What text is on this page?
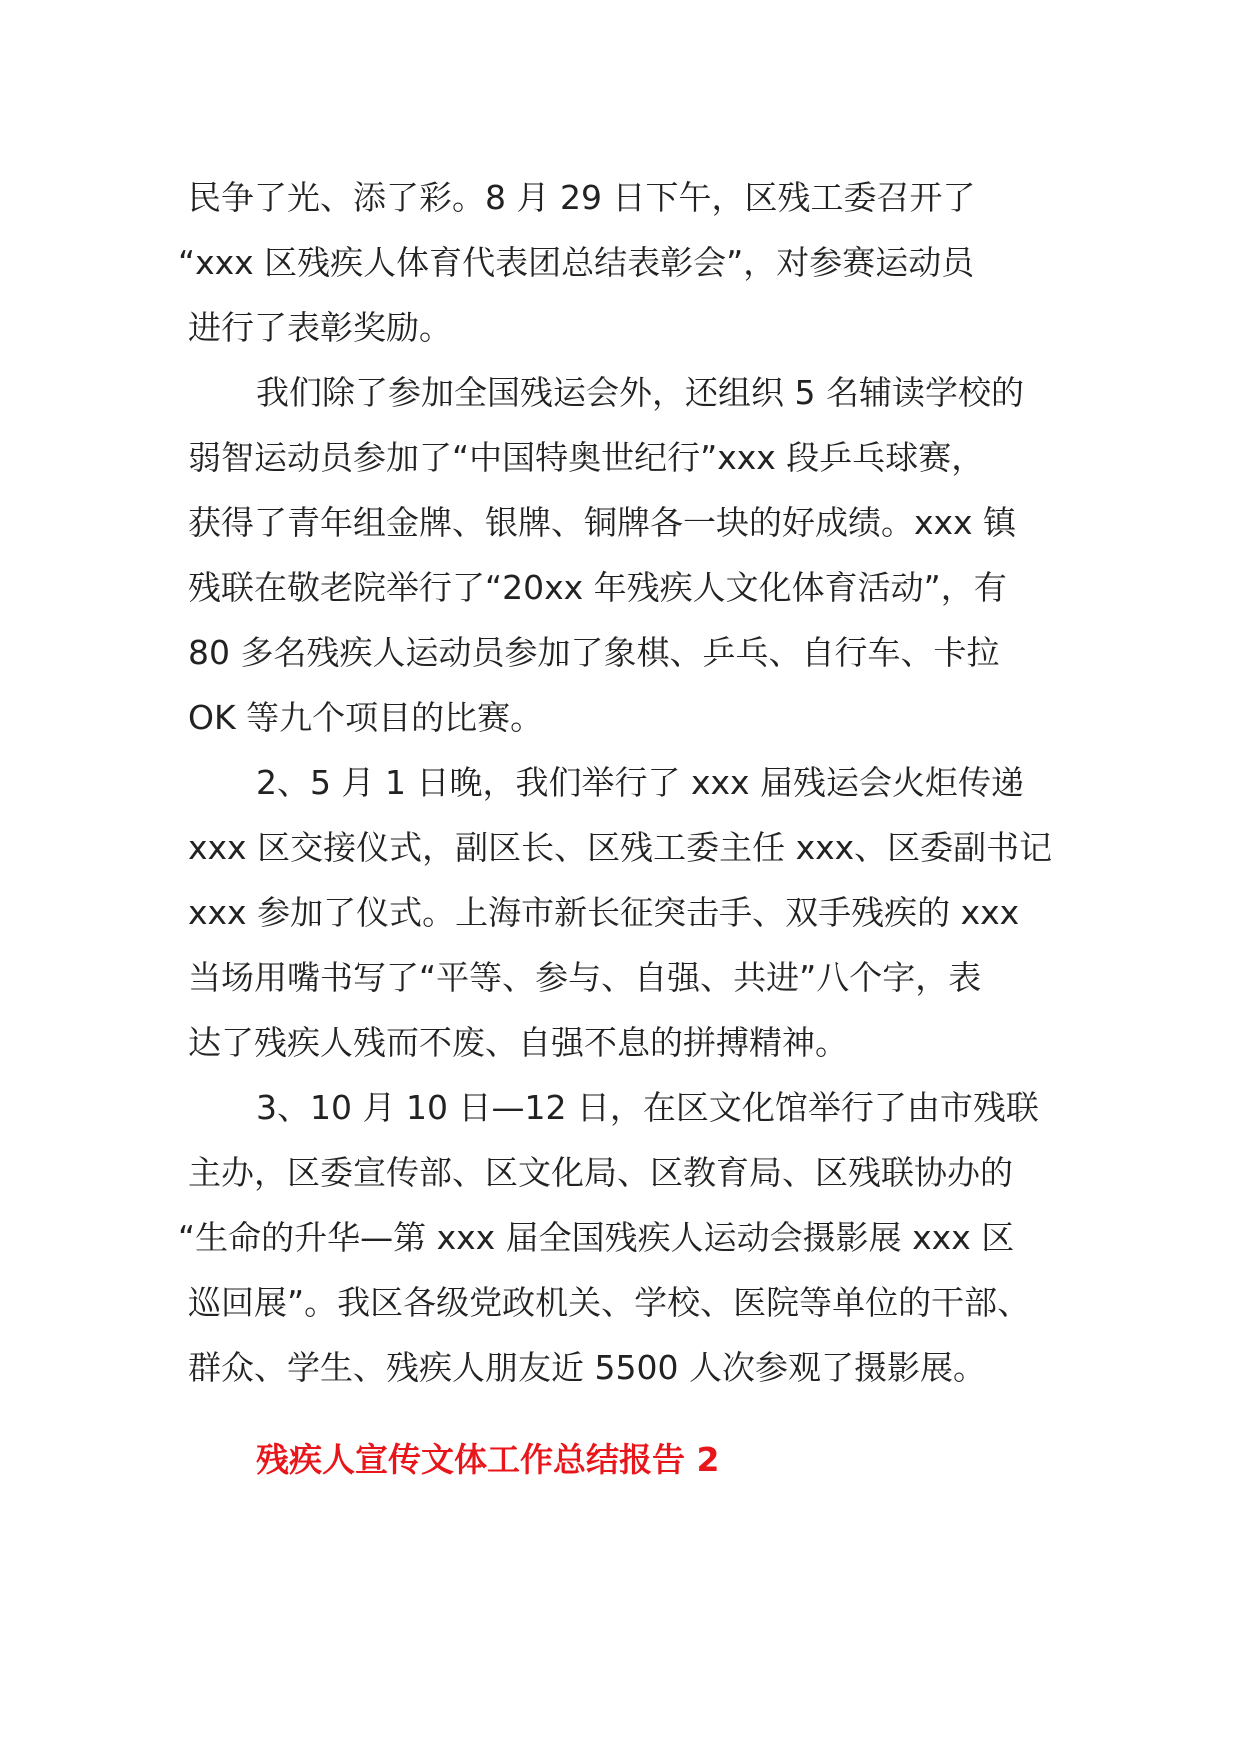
民争了光、添了彩。8 月 29 日下午，区残工委召开了
“xxx 区残疾人体育代表团总结表彰会”，对参赛运动员
进行了表彰奖励。
我们除了参加全国残运会外，还组织 5 名辅读学校的
弱智运动员参加了“中国特奥世纪行”xxx 段乒乓球赛，
获得了青年组金牌、银牌、铜牌各一块的好成绩。xxx 镇
残联在敬老院举行了“20xx 年残疾人文化体育活动”，有
80 多名残疾人运动员参加了象棋、乒乓、自行车、卡拉
OK 等九个项目的比赛。
2、5 月 1 日晚，我们举行了 xxx 届残运会火炬传递
xxx 区交接仪式，副区长、区残工委主任 xxx、区委副书记
xxx 参加了仪式。上海市新长征突击手、双手残疾的 xxx
当场用嘴书写了“平等、参与、自强、共进”八个字，表
达了残疾人残而不废、自强不息的拼搏精神。
3、10 月 10 日—12 日，在区文化馆举行了由市残联
主办，区委宣传部、区文化局、区教育局、区残联协办的
“生命的升华—第 xxx 届全国残疾人运动会摄影展 xxx 区
巡回展”。我区各级党政机关、学校、医院等单位的干部、
群众、学生、残疾人朋友近 5500 人次参观了摄影展。
残疾人宣传文体工作总结报告 2
